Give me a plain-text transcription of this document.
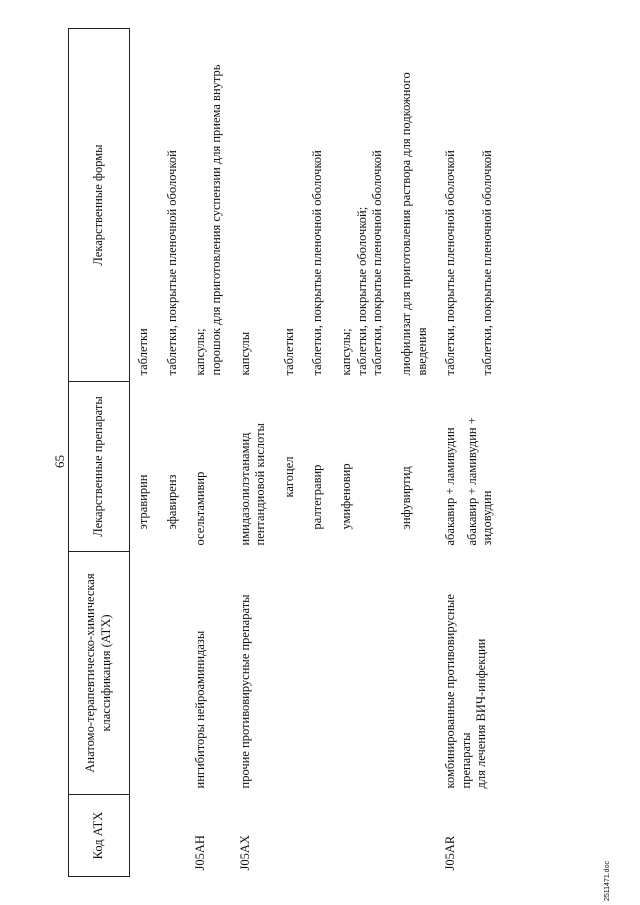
65
Код АТХ	Анатомо-терапевтическо-химическая классификация (АТХ)	Лекарственные препараты	Лекарственные формы
		этравирин	таблетки

		эфавиренз	таблетки, покрытые пленочной оболочкой

J05AH	ингибиторы нейроаминидазы	осельтамивир	капсулы; порошок для приготовления суспензии для приема внутрь

J05AX	прочие противовирусные препараты	имидазолилэтанамид пентандиовой кислоты	капсулы

		кагоцел	таблетки

		ралтегравир	таблетки, покрытые пленочной оболочкой

		умифеновир	капсулы; таблетки, покрытые оболочкой; таблетки, покрытые пленочной оболочкой

		энфувиртид	лиофилизат для приготовления раствора для подкожного введения

J05AR	комбинированные противовирусные препараты для лечения ВИЧ-инфекции	абакавир + ламивудин абакавир + ламивудин + зидовудин	таблетки, покрытые пленочной оболочкой таблетки, покрытые пленочной оболочкой
2511471.doc
